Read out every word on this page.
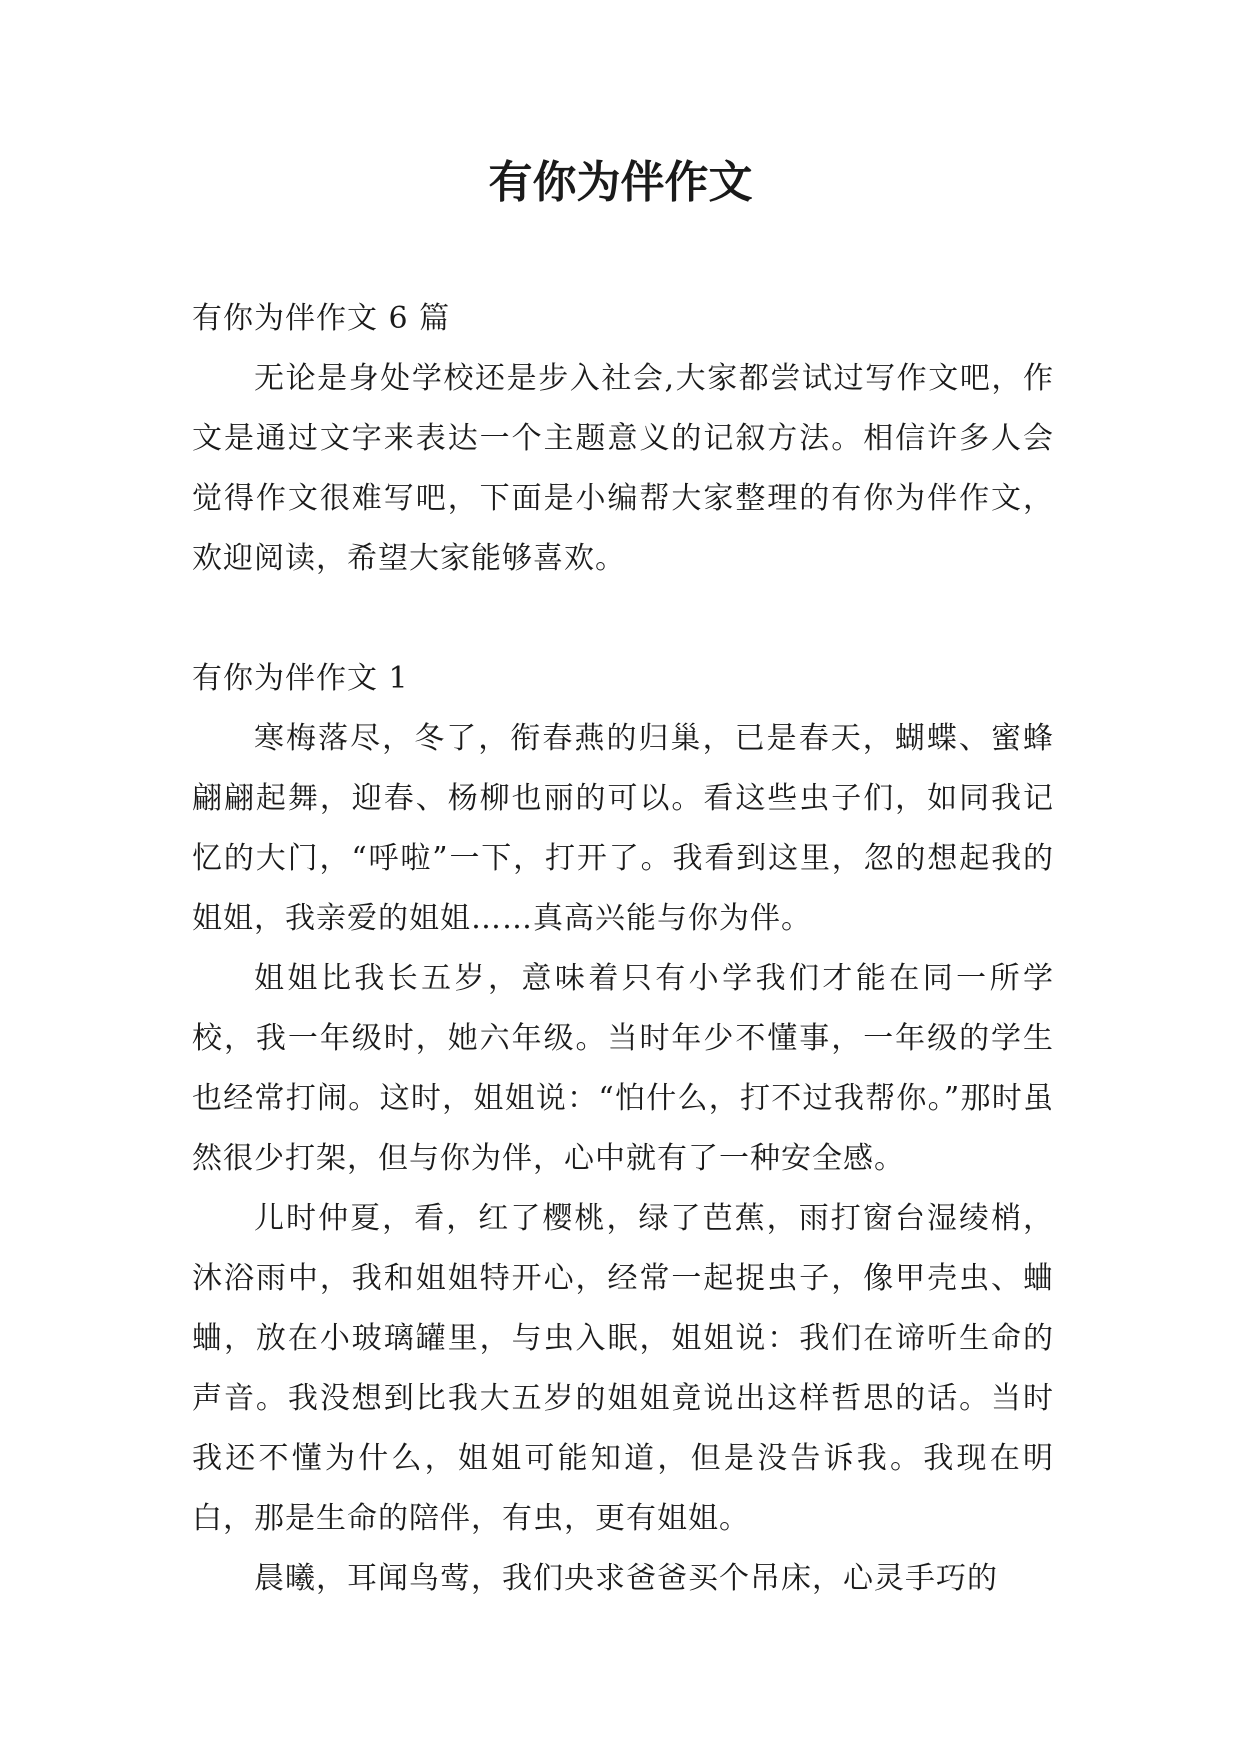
有你为伴作文

有你为伴作文 6 篇

无论是身处学校还是步入社会,大家都尝试过写作文吧，作文是通过文字来表达一个主题意义的记叙方法。相信许多人会觉得作文很难写吧，下面是小编帮大家整理的有你为伴作文，欢迎阅读，希望大家能够喜欢。

有你为伴作文 1

寒梅落尽，冬了，衔春燕的归巢，已是春天，蝴蝶、蜜蜂翩翩起舞，迎春、杨柳也丽的可以。看这些虫子们，如同我记忆的大门，“呼啦”一下，打开了。我看到这里，忽的想起我的姐姐，我亲爱的姐姐……真高兴能与你为伴。

姐姐比我长五岁，意味着只有小学我们才能在同一所学校，我一年级时，她六年级。当时年少不懂事，一年级的学生也经常打闹。这时，姐姐说：“怕什么，打不过我帮你。”那时虽然很少打架，但与你为伴，心中就有了一种安全感。

儿时仲夏，看，红了樱桃，绿了芭蕉，雨打窗台湿绫梢，沐浴雨中，我和姐姐特开心，经常一起捉虫子，像甲壳虫、蛐蛐，放在小玻璃罐里，与虫入眠，姐姐说：我们在谛听生命的声音。我没想到比我大五岁的姐姐竟说出这样哲思的话。当时我还不懂为什么，姐姐可能知道，但是没告诉我。我现在明白，那是生命的陪伴，有虫，更有姐姐。

晨曦，耳闻鸟莺，我们央求爸爸买个吊床，心灵手巧的
